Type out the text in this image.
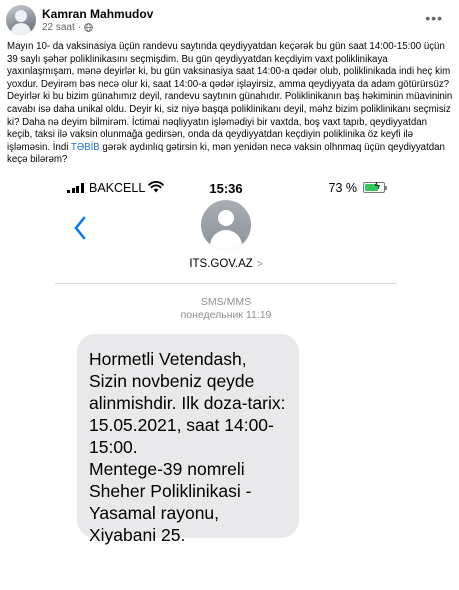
Kamran Mahmudov
22 saat ·
•••
Mayın 10- da vaksinasiya üçün randevu saytında qeydiyyatdan keçərək bu gün saat 14:00-15:00 üçün 39 saylı şəhər poliklinikasını seçmişdim. Bu gün qeydiyyatdan keçdiyim vaxt poliklinikaya yaxınlaşmışam, mənə deyirlər ki, bu gün vaksinasiya saat 14:00-a qədər olub, poliklinikada indi heç kim yoxdur. Deyirəm bəs necə olur ki, saat 14:00-a qədər işləyirsiz, amma qeydiyyata da adam götürürsüz? Deyirlər ki bu bizim günahımız deyil, randevu saytının günahıdır. Poliklinikanın baş həkiminin müavininin cavabı isə daha unikal oldu. Deyir ki, siz niyə başqa poliklinikanı deyil, məhz bizim poliklinikanı seçmisiz ki? Daha nə deyim bilmirəm. İctimai nəqliyyatın işləmədiyi bir vaxtda, boş vaxt tapıb, qeydiyyatdan keçib, taksi ilə vaksin olunmağa gedirsən, onda da qeydiyyatdan keçdiyin poliklinika öz keyfi ilə işləməsin. İndi TƏBİB gərək aydınlıq gətirsin ki, mən yenidən necə vaksin olhnmaq üçün qeydiyyatdan keçə bilərəm?
BAKCELL	15:36	73 % ϟ
ITS.GOV.AZ >
SMS/MMS
понедельник 11:19
Hormetli Vetendash,
Sizin novbeniz qeyde alinmishdir. Ilk doza-tarix: 15.05.2021, saat 14:00-15:00.
Mentege-39 nomreli Sheher Poliklinikasi - Yasamal rayonu, Xiyabani 25.
